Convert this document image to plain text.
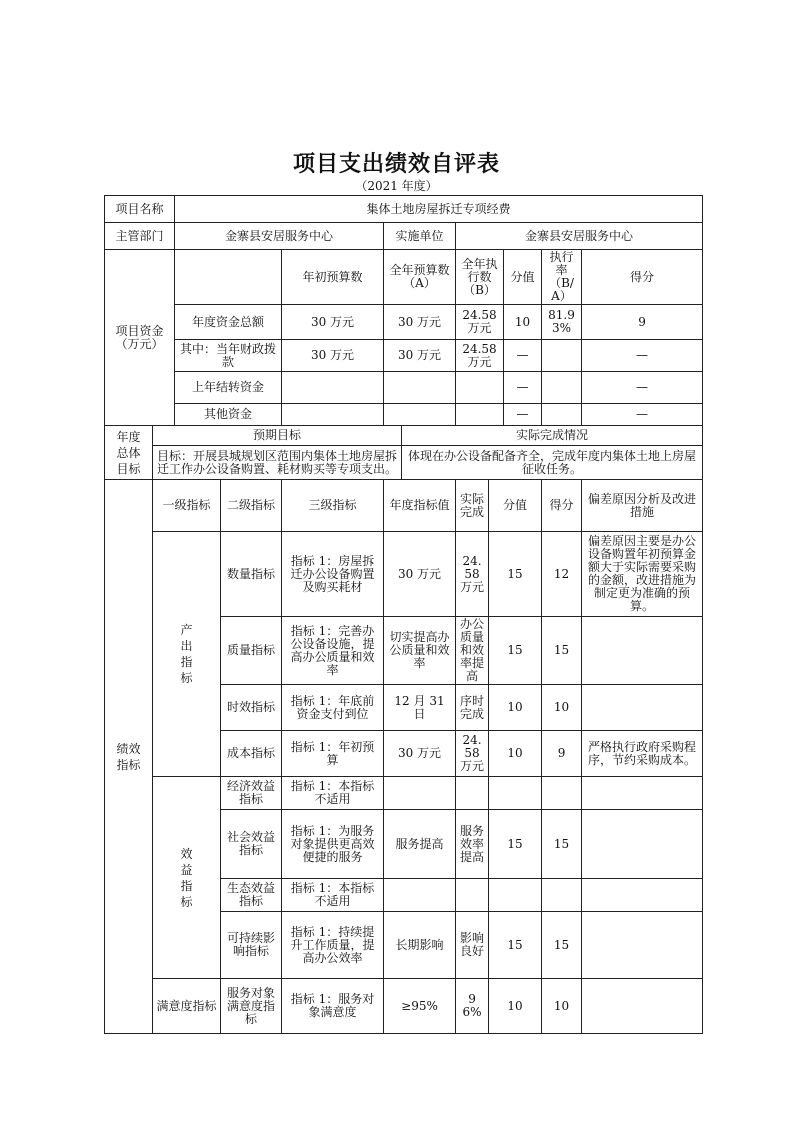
项目支出绩效自评表
（2021 年度）
项目名称		集体土地房屋拆迁专项经费									
主管部门		金寨县安居服务中心			实施单位		金寨县安居服务中心				
项目资金（万元）				年初预算数	全年预算数（A）		全年执行数（B）		分值	执行率（B/A）	得分
		年度资金总额		30 万元	30 万元		24.58 万元		10	81.93%	9
		其中：当年财政拨款		30 万元	30 万元		24.58 万元		—		—
		上年结转资金							—		—
		其他资金							—		—
年度总体目标	预期目标					实际完成情况					
	目标：开展县城规划区范围内集体土地房屋拆迁工作办公设备购置、耗材购买等专项支出。					体现在办公设备配备齐全，完成年度内集体土地上房屋征收任务。					
绩效指标	一级指标		二级指标	三级指标	年度指标值		实际完成	分值		得分	偏差原因分析及改进措施
	产出指标		数量指标	指标 1：房屋拆迁办公设备购置及购买耗材	30 万元		24.58 万元	15		12	偏差原因主要是办公设备购置年初预算金额大于实际需要采购的金额，改进措施为制定更为准确的预算。
			质量指标	指标 1：完善办公设备设施，提高办公质量和效率	切实提高办公质量和效率		办公质量和效率提高	15		15	
			时效指标	指标 1：年底前资金支付到位	12 月 31 日		序时完成	10		10	
			成本指标	指标 1：年初预算	30 万元		24.58 万元	10		9	严格执行政府采购程序，节约采购成本。
	效益指标		经济效益指标	指标 1：本指标不适用							
			社会效益指标	指标 1：为服务对象提供更高效便捷的服务	服务提高		服务效率提高	15		15	
			生态效益指标	指标 1：本指标不适用							
			可持续影响指标	指标 1：持续提升工作质量，提高办公效率	长期影响		影响良好	15		15	
	满意度指标		服务对象满意度指标	指标 1：服务对象满意度	≥95%		96%	10		10	
